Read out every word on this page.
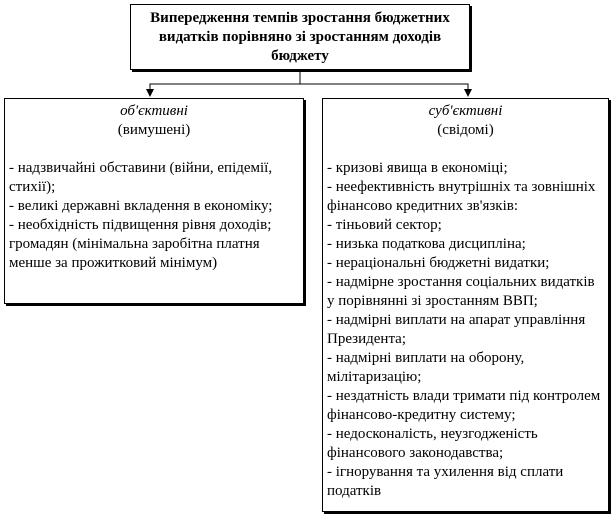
Випередження темпів зростання бюджетних видатків порівняно зі зростанням доходів бюджету
об'єктивні
(вимушені)
- надзвичайні обставини (війни, епідемії, стихії);
- великі державні вкладення в економіку;
- необхідність підвищення рівня доходів; громадян (мінімальна заробітна платня менше за прожитковий мінімум)
суб'єктивні
(свідомі)
- кризові явища в економіці;
- неефективність внутрішніх та зовнішніх фінансово кредитних зв'язків:
- тіньовий сектор;
- низька податкова дисципліна;
- нераціональні бюджетні видатки;
- надмірне зростання соціальних видатків у порівнянні зі зростанням ВВП;
- надмірні виплати на апарат управління Президента;
- надмірні виплати на оборону, мілітаризацію;
- нездатність влади тримати під контролем фінансово-кредитну систему;
- недосконалість, неузгодженість фінансового законодавства;
- ігнорування та ухилення від сплати податків
